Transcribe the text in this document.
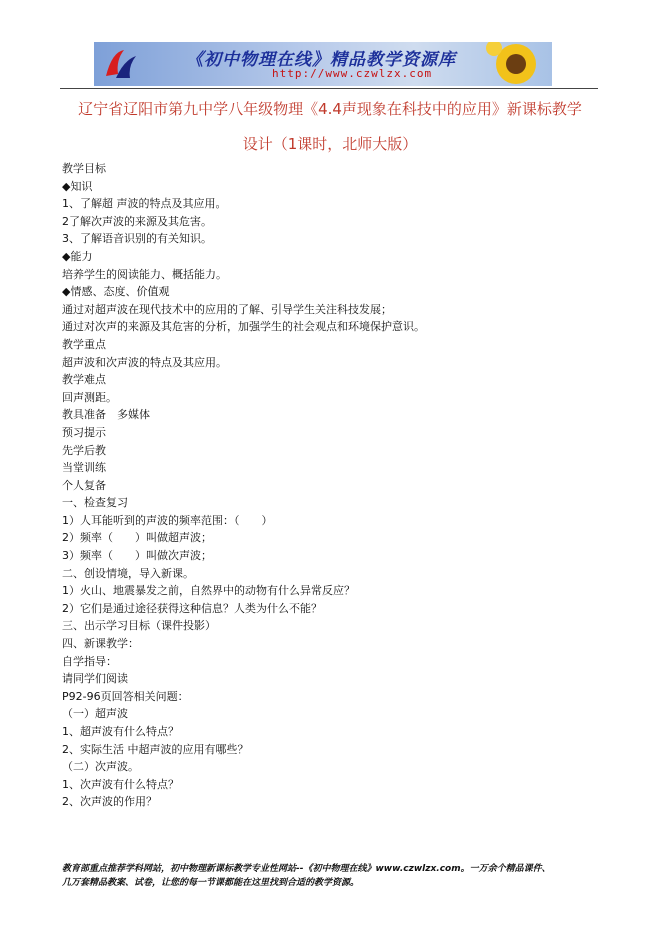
《初中物理在线》精品教学资源库
http://www.czwlzx.com
辽宁省辽阳市第九中学八年级物理《4.4声现象在科技中的应用》新课标教学
设计（1课时，北师大版）
教学目标
◆知识
1、了解超 声波的特点及其应用。
2了解次声波的来源及其危害。
3、了解语音识别的有关知识。
◆能力
培养学生的阅读能力、概括能力。
◆情感、态度、价值观
通过对超声波在现代技术中的应用的了解、引导学生关注科技发展；
通过对次声的来源及其危害的分析，加强学生的社会观点和环境保护意识。
教学重点
超声波和次声波的特点及其应用。
教学难点
回声测距。
教具准备　多媒体
预习提示
先学后教
当堂训练
个人复备
一、检查复习
1）人耳能听到的声波的频率范围：（　　）
2）频率（　　）叫做超声波；
3）频率（　　）叫做次声波；
二、创设情境，导入新课。
1）火山、地震暴发之前，自然界中的动物有什么异常反应？
2）它们是通过途径获得这种信息？人类为什么不能？
三、出示学习目标（课件投影）
四、新课教学：
自学指导：
请同学们阅读
P92-96页回答相关问题：
（一）超声波
1、超声波有什么特点？
2、实际生活 中超声波的应用有哪些？
（二）次声波。
1、次声波有什么特点？
2、次声波的作用？
教育部重点推荐学科网站，初中物理新课标教学专业性网站--《初中物理在线》www.czwlzx.com。一万余个精品课件、
几万套精品教案、试卷，让您的每一节课都能在这里找到合适的教学资源。
